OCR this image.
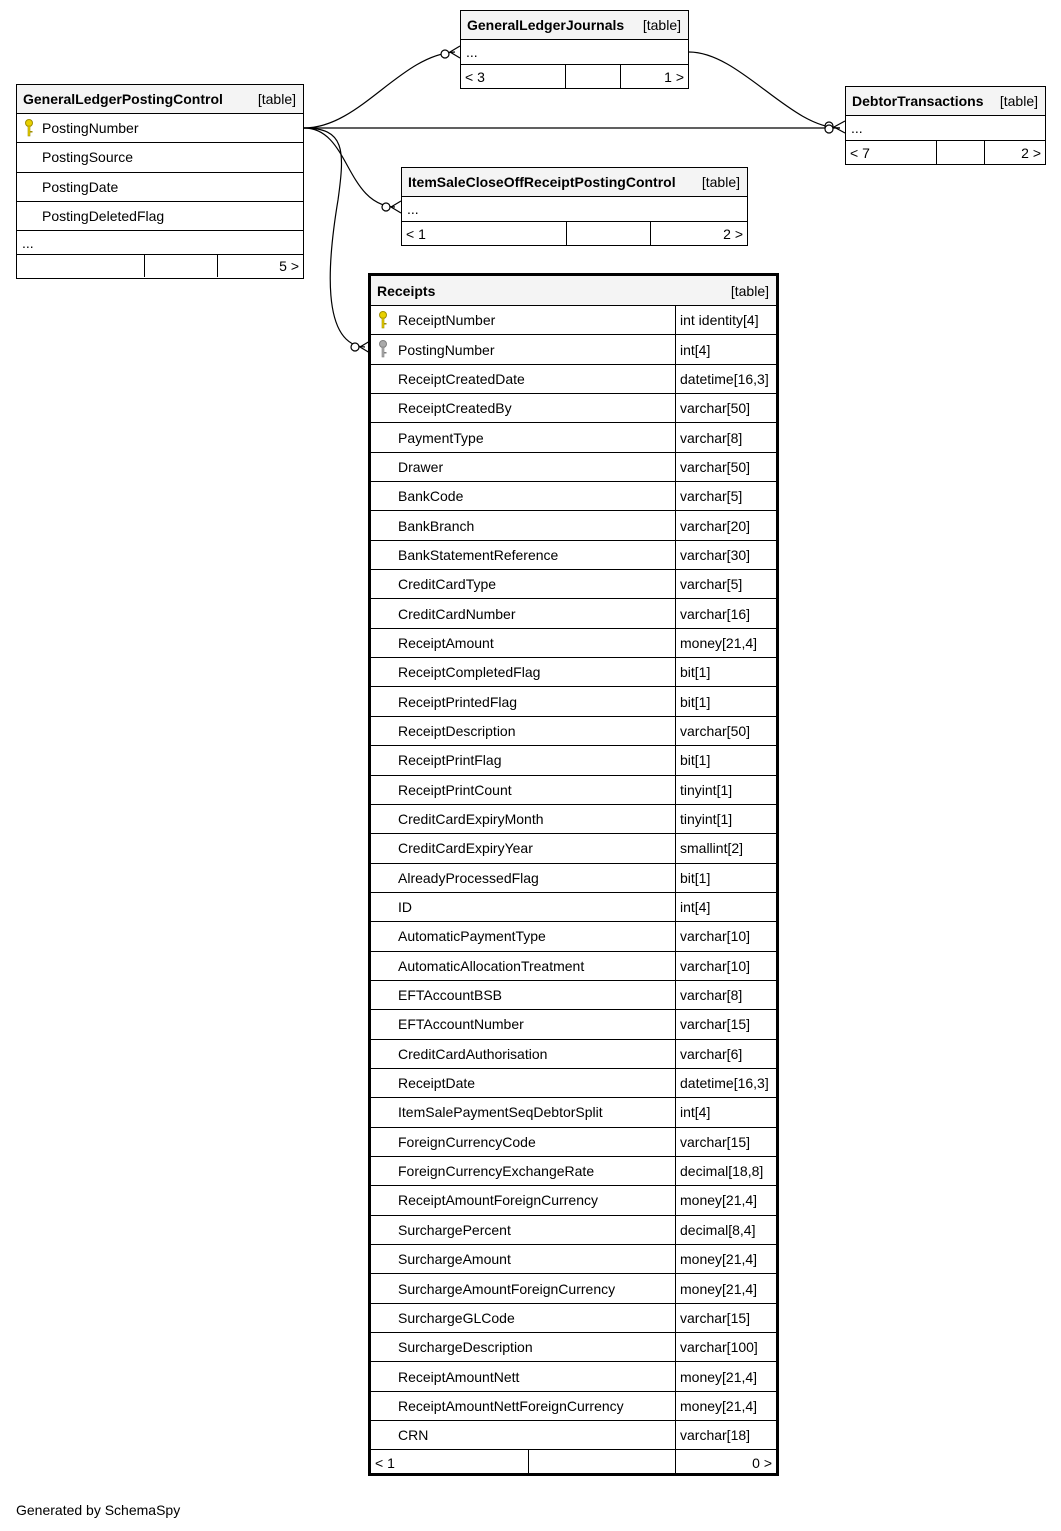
GeneralLedgerPostingControl [table]
PostingNumber
PostingSource
PostingDate
PostingDeletedFlag
...
5 >
GeneralLedgerJournals [table]
...
< 3	1 >
DebtorTransactions [table]
...
< 7	2 >
ItemSaleCloseOffReceiptPostingControl [table]
...
< 1	2 >
Receipts	[table]
ReceiptNumber	int identity[4]
PostingNumber	int[4]
ReceiptCreatedDate	datetime[16,3]
ReceiptCreatedBy	varchar[50]
PaymentType	varchar[8]
Drawer	varchar[50]
BankCode	varchar[5]
BankBranch	varchar[20]
BankStatementReference	varchar[30]
CreditCardType	varchar[5]
CreditCardNumber	varchar[16]
ReceiptAmount	money[21,4]
ReceiptCompletedFlag	bit[1]
ReceiptPrintedFlag	bit[1]
ReceiptDescription	varchar[50]
ReceiptPrintFlag	bit[1]
ReceiptPrintCount	tinyint[1]
CreditCardExpiryMonth	tinyint[1]
CreditCardExpiryYear	smallint[2]
AlreadyProcessedFlag	bit[1]
ID	int[4]
AutomaticPaymentType	varchar[10]
AutomaticAllocationTreatment	varchar[10]
EFTAccountBSB	varchar[8]
EFTAccountNumber	varchar[15]
CreditCardAuthorisation	varchar[6]
ReceiptDate	datetime[16,3]
ItemSalePaymentSeqDebtorSplit	int[4]
ForeignCurrencyCode	varchar[15]
ForeignCurrencyExchangeRate	decimal[18,8]
ReceiptAmountForeignCurrency	money[21,4]
SurchargePercent	decimal[8,4]
SurchargeAmount	money[21,4]
SurchargeAmountForeignCurrency	money[21,4]
SurchargeGLCode	varchar[15]
SurchargeDescription	varchar[100]
ReceiptAmountNett	money[21,4]
ReceiptAmountNettForeignCurrency	money[21,4]
CRN	varchar[18]
< 1	0 >
Generated by SchemaSpy
